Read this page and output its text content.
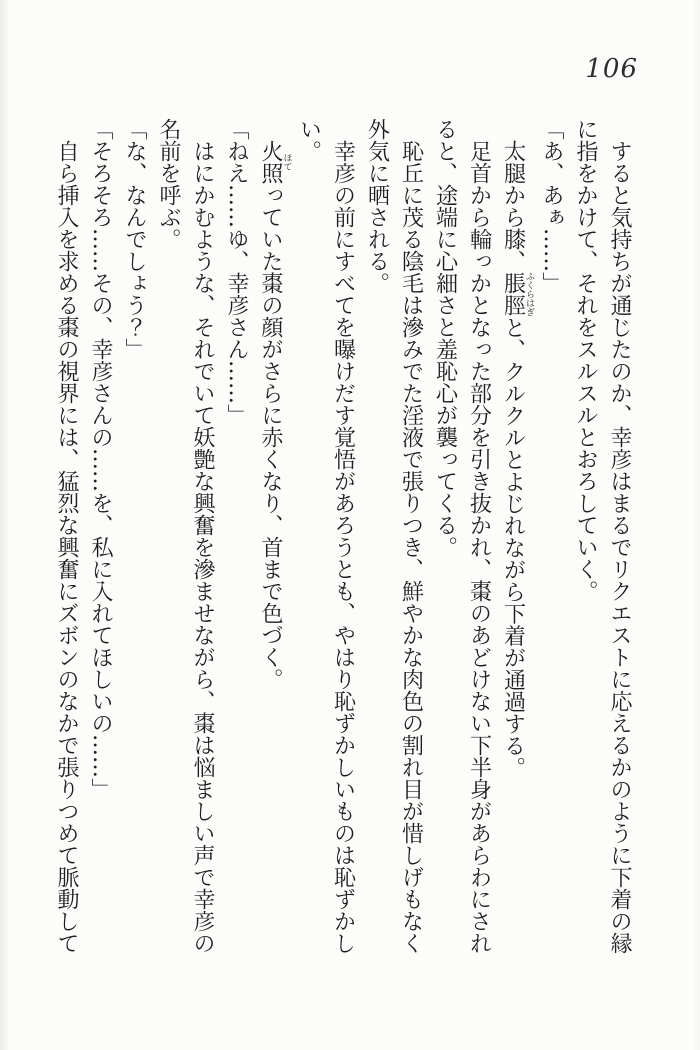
106

すると気持ちが通じたのか、幸彦はまるでリクエストに応えるかのように下着の縁に指をかけて、それをスルスルとおろしていく。

「あ、あぁ……」

太腿から膝、脹脛ふくらはぎと、クルクルとよじれながら下着が通過する。

足首から輪っかとなった部分を引き抜かれ、棗のあどけない下半身があらわにされると、途端に心細さと羞恥心が襲ってくる。

恥丘に茂る陰毛は滲みでた淫液で張りつき、鮮やかな肉色の割れ目が惜しげもなく外気に晒される。

幸彦の前にすべてを曝けだす覚悟があろうとも、やはり恥ずかしいものは恥ずかしい。

火照ほてっていた棗の顔がさらに赤くなり、首まで色づく。

「ねえ……ゆ、幸彦さん……」

はにかむような、それでいて妖艶な興奮を滲ませながら、棗は悩ましい声で幸彦の名前を呼ぶ。

「な、なんでしょう？」

「そろそろ……その、幸彦さんの……を、私に入れてほしいの……」

自ら挿入を求める棗の視界には、猛烈な興奮にズボンのなかで張りつめて脈動して
